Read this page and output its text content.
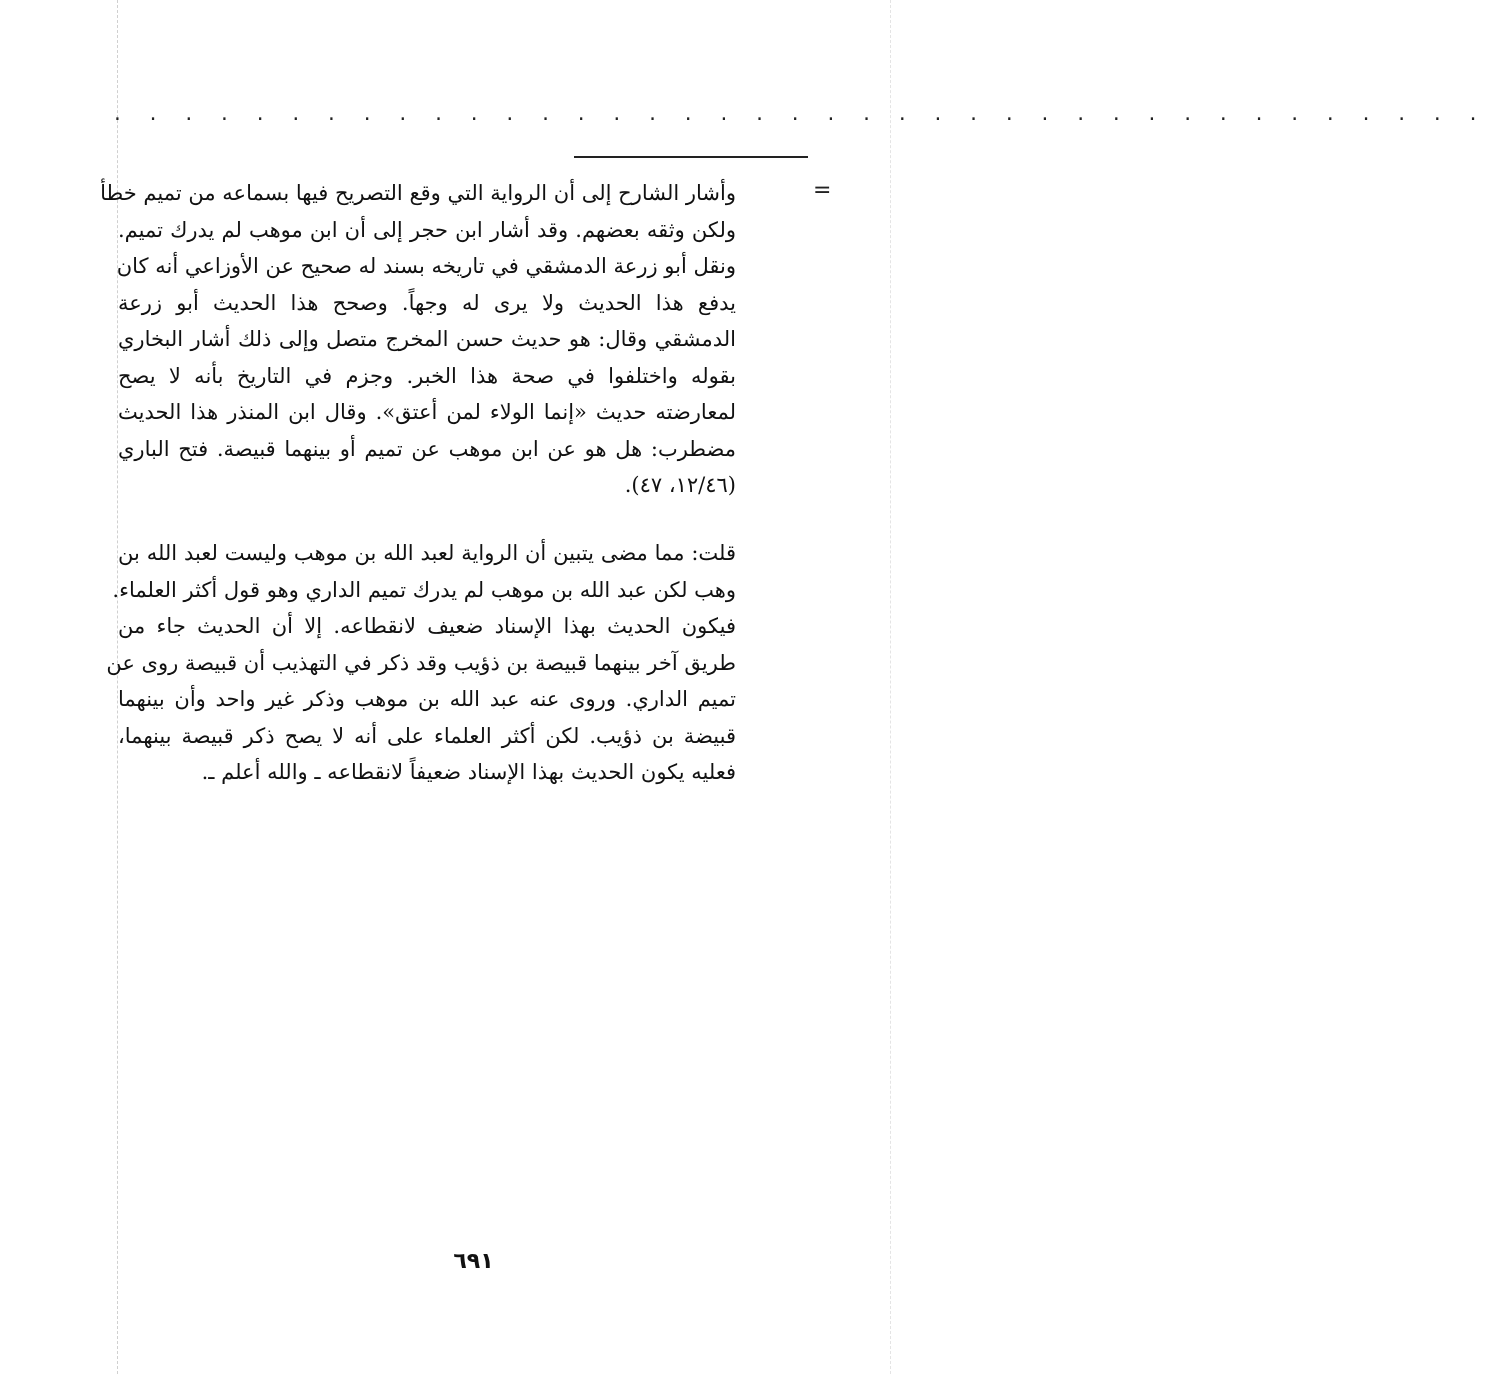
. . . . . . . . . . . . . . . . . . . . . . . . . . . . . . . . . . . . . . .
=
وأشار الشارح إلى أن الرواية التي وقع التصريح فيها بسماعه من تميم خطأ
ولكن وثقه بعضهم. وقد أشار ابن حجر إلى أن ابن موهب لم يدرك تميم.
ونقل أبو زرعة الدمشقي في تاريخه بسند له صحيح عن الأوزاعي أنه كان
يدفع هذا الحديث ولا يرى له وجهاً. وصحح هذا الحديث أبو زرعة
الدمشقي وقال: هو حديث حسن المخرج متصل وإلى ذلك أشار البخاري
بقوله واختلفوا في صحة هذا الخبر. وجزم في التاريخ بأنه لا يصح
لمعارضته حديث «إنما الولاء لمن أعتق». وقال ابن المنذر هذا الحديث
مضطرب: هل هو عن ابن موهب عن تميم أو بينهما قبيصة. فتح الباري
(١٢/٤٦، ٤٧).
قلت: مما مضى يتبين أن الرواية لعبد الله بن موهب وليست لعبد الله بن
وهب لكن عبد الله بن موهب لم يدرك تميم الداري وهو قول أكثر العلماء.
فيكون الحديث بهذا الإسناد ضعيف لانقطاعه. إلا أن الحديث جاء من
طريق آخر بينهما قبيصة بن ذؤيب وقد ذكر في التهذيب أن قبيصة روى عن
تميم الداري. وروى عنه عبد الله بن موهب وذكر غير واحد وأن بينهما
قبيضة بن ذؤيب. لكن أكثر العلماء على أنه لا يصح ذكر قبيصة بينهما،
فعليه يكون الحديث بهذا الإسناد ضعيفاً لانقطاعه ـ والله أعلم ـ.
٦٩١
